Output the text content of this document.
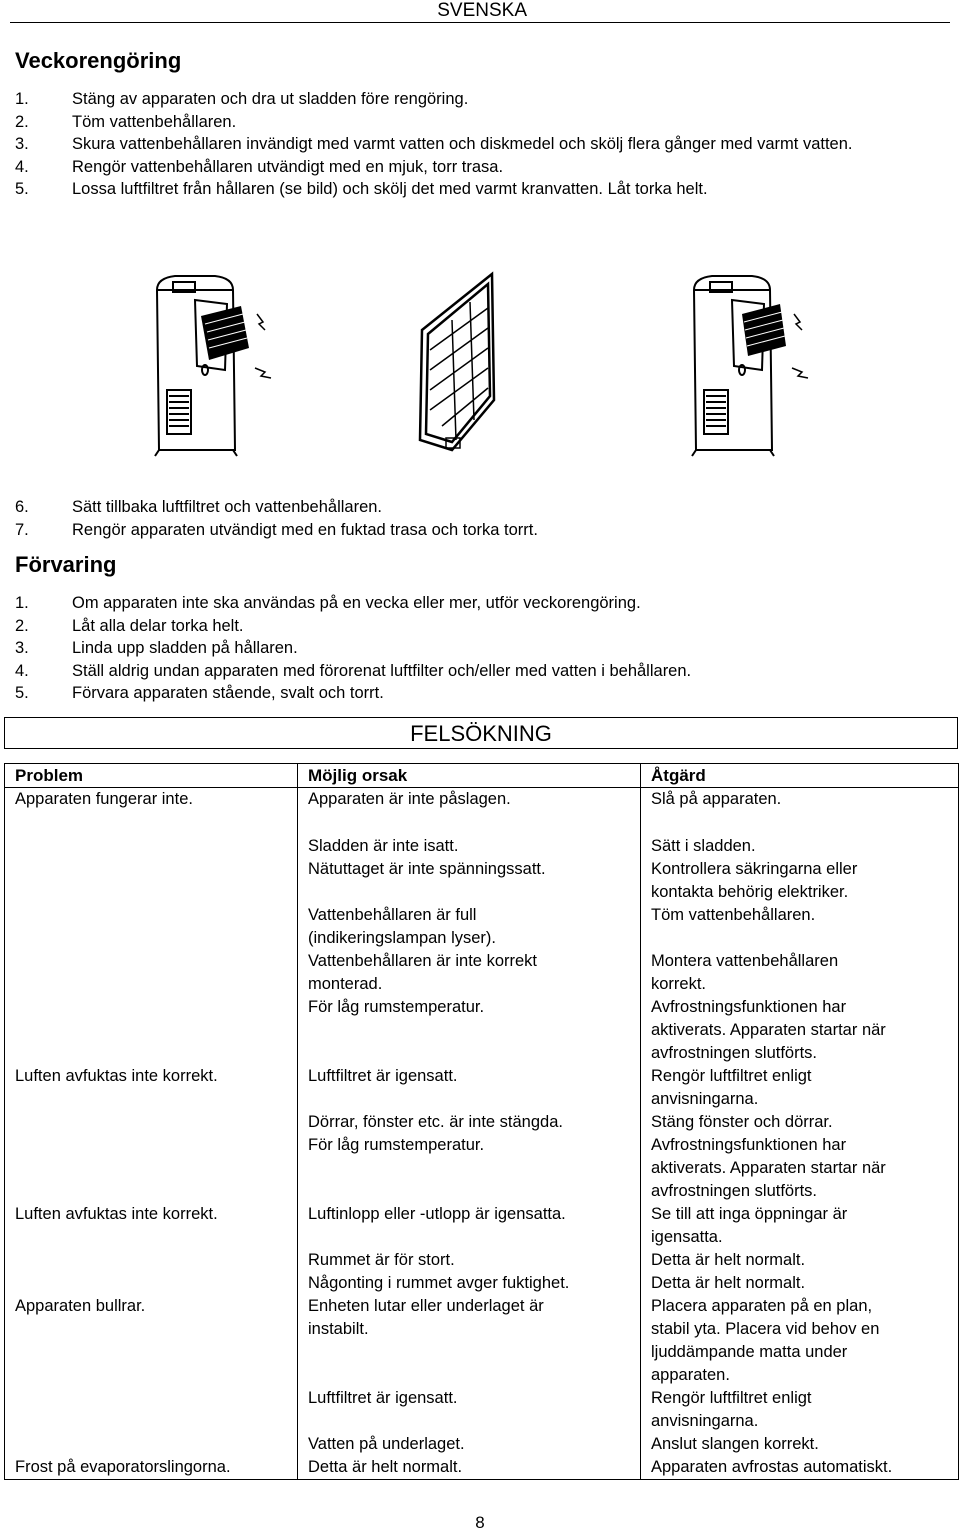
SVENSKA
Veckorengöring
1.	Stäng av apparaten och dra ut sladden före rengöring.
2.	Töm vattenbehållaren.
3.	Skura vattenbehållaren invändigt med varmt vatten och diskmedel och skölj flera gånger med varmt vatten.
4.	Rengör vattenbehållaren utvändigt med en mjuk, torr trasa.
5.	Lossa luftfiltret från hållaren (se bild) och skölj det med varmt kranvatten. Låt torka helt.
6.	Sätt tillbaka luftfiltret och vattenbehållaren.
7.	Rengör apparaten utvändigt med en fuktad trasa och torka torrt.
Förvaring
1.	Om apparaten inte ska användas på en vecka eller mer, utför veckorengöring.
2.	Låt alla delar torka helt.
3.	Linda upp sladden på hållaren.
4.	Ställ aldrig undan apparaten med förorenat luftfilter och/eller med vatten i behållaren.
5.	Förvara apparaten stående, svalt och torrt.
FELSÖKNING
Problem	Möjlig orsak	Åtgärd
Apparaten fungerar inte.	Apparaten är inte påslagen.	Slå på apparaten.

	Sladden är inte isatt.	Sätt i sladden.

	Nätuttaget är inte spänningssatt.	Kontrollera säkringarna eller
kontakta behörig elektriker.

	Vattenbehållaren är full
(indikeringslampan lyser).	Töm vattenbehållaren.

	Vattenbehållaren är inte korrekt
monterad.	Montera vattenbehållaren
korrekt.

	För låg rumstemperatur.	Avfrostningsfunktionen har
aktiverats. Apparaten startar när
avfrostningen slutförts.

Luften avfuktas inte korrekt.	Luftfiltret är igensatt.	Rengör luftfiltret enligt
anvisningarna.

	Dörrar, fönster etc. är inte stängda.	Stäng fönster och dörrar.

	För låg rumstemperatur.	Avfrostningsfunktionen har
aktiverats. Apparaten startar när
avfrostningen slutförts.

Luften avfuktas inte korrekt.	Luftinlopp eller -utlopp är igensatta.	Se till att inga öppningar är
igensatta.

	Rummet är för stort.	Detta är helt normalt.

	Någonting i rummet avger fuktighet.	Detta är helt normalt.

Apparaten bullrar.	Enheten lutar eller underlaget är
instabilt.	Placera apparaten på en plan,
stabil yta. Placera vid behov en
ljuddämpande matta under
apparaten.

	Luftfiltret är igensatt.	Rengör luftfiltret enligt
anvisningarna.

	Vatten på underlaget.	Anslut slangen korrekt.

Frost på evaporatorslingorna.	Detta är helt normalt.	Apparaten avfrostas automatiskt.
8
